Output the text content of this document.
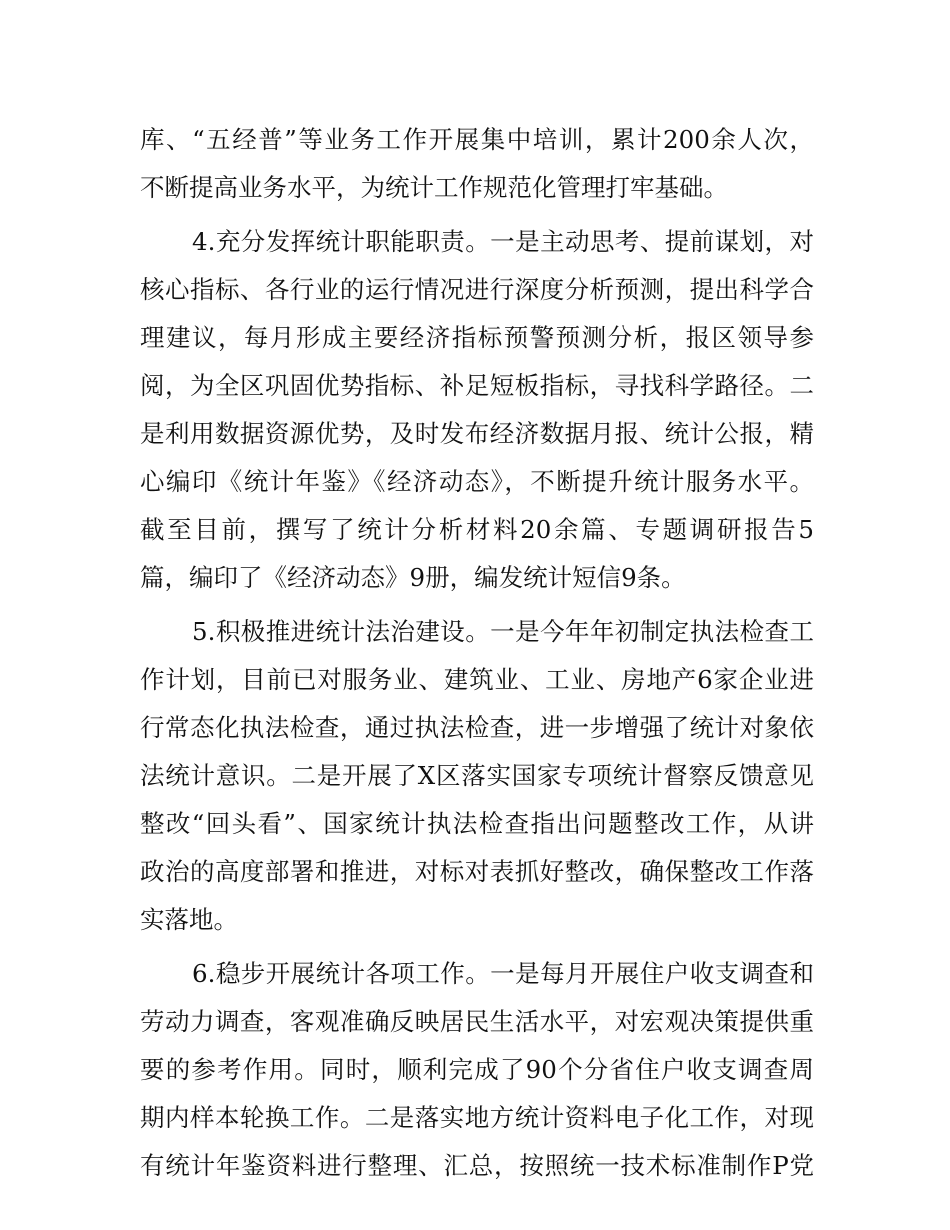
库、“五经普”等业务工作开展集中培训，累计200余人次，
不断提高业务水平，为统计工作规范化管理打牢基础。
4.充分发挥统计职能职责。一是主动思考、提前谋划，对
核心指标、各行业的运行情况进行深度分析预测，提出科学合
理建议，每月形成主要经济指标预警预测分析，报区领导参
阅，为全区巩固优势指标、补足短板指标，寻找科学路径。二
是利用数据资源优势，及时发布经济数据月报、统计公报，精
心编印《统计年鉴》《经济动态》，不断提升统计服务水平。
截至目前，撰写了统计分析材料20余篇、专题调研报告5
篇，编印了《经济动态》9册，编发统计短信9条。
5.积极推进统计法治建设。一是今年年初制定执法检查工
作计划，目前已对服务业、建筑业、工业、房地产6家企业进
行常态化执法检查，通过执法检查，进一步增强了统计对象依
法统计意识。二是开展了X区落实国家专项统计督察反馈意见
整改“回头看”、国家统计执法检查指出问题整改工作，从讲
政治的高度部署和推进，对标对表抓好整改，确保整改工作落
实落地。
6.稳步开展统计各项工作。一是每月开展住户收支调查和
劳动力调查，客观准确反映居民生活水平，对宏观决策提供重
要的参考作用。同时，顺利完成了90个分省住户收支调查周
期内样本轮换工作。二是落实地方统计资料电子化工作，对现
有统计年鉴资料进行整理、汇总，按照统一技术标准制作P党
